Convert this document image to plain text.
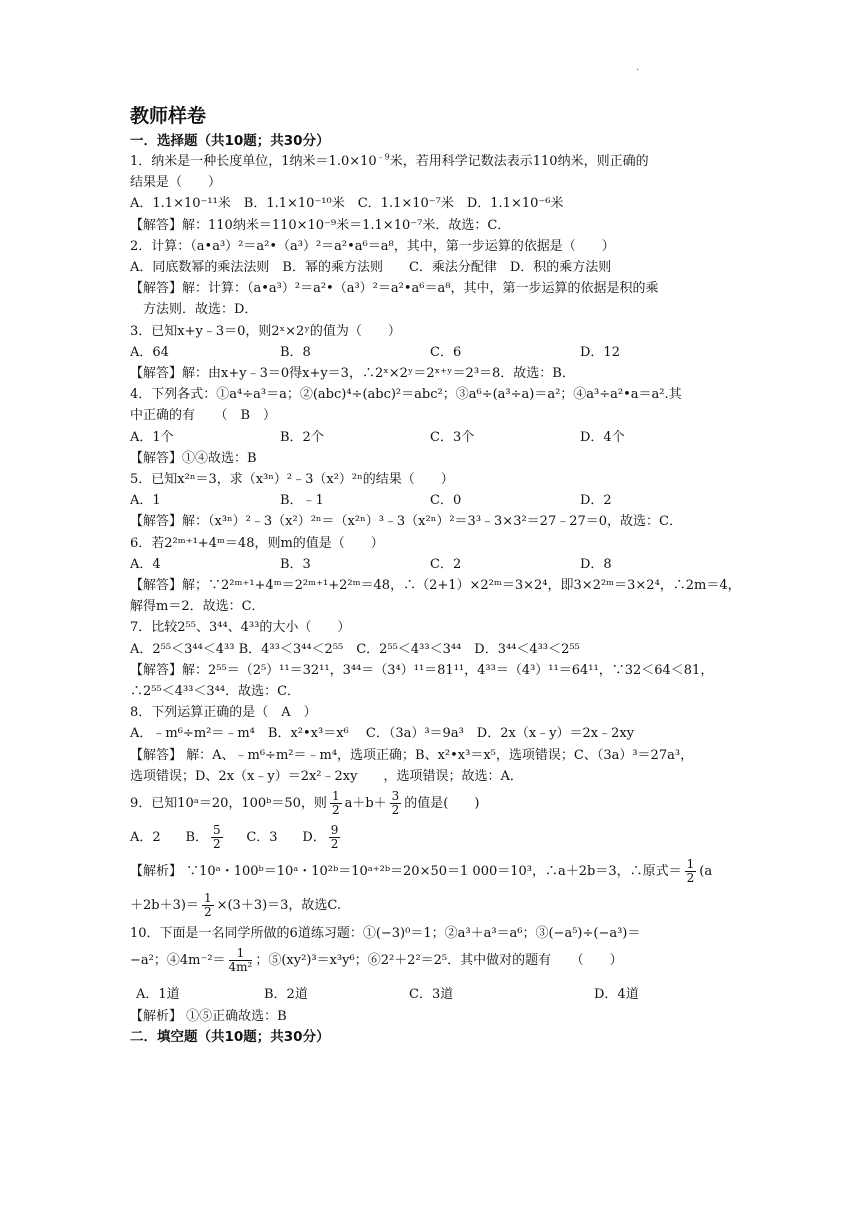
.
教师样卷
一．选择题（共10题；共30分）
1．纳米是一种长度单位，1纳米$=1.0\times 10^{﹣9}$米，若用科学记数法表示110纳米，则正确的
结果是（　　）
A．1.1×10⁻¹¹米　B．1.1×10⁻¹⁰米　C．1.1×10⁻⁷米　D．1.1×10⁻⁶米
【解答】解：110纳米＝110×10⁻⁹米＝1.1×10⁻⁷米．故选：C．
2．计算：（a•a³）²＝a²•（a³）²＝a²•a⁶＝a⁸，其中，第一步运算的依据是（　　）
A．同底数幂的乘法法则　B．幂的乘方法则　　C．乘法分配律　D．积的乘方法则
【解答】解：计算：（a•a³）²＝a²•（a³）²＝a²•a⁶＝a⁸，其中，第一步运算的依据是积的乘
方法则．故选：D．
3．已知x+y﹣3＝0，则2ˣ×2ʸ的值为（　　）
A．64	B．8	C．6	D．12
【解答】解：由x+y﹣3＝0得x+y＝3，∴2ˣ×2ʸ＝2ˣ⁺ʸ＝2³＝8．故选：B．
4．下列各式：①a⁴÷a³＝a；②(abc)⁴÷(abc)²＝abc²；③a⁶÷(a³÷a)＝a²；④a³÷a²•a＝a².其
中正确的有　　（　B　）
A．1个	B．2个	C．3个	D．4个
【解答】①④故选：B
5．已知x²ⁿ＝3，求（x³ⁿ）²﹣3（x²）²ⁿ的结果（　　）
A．1	B．﹣1	C．0	D．2
【解答】解：（x³ⁿ）²﹣3（x²）²ⁿ＝（x²ⁿ）³﹣3（x²ⁿ）²＝3³﹣3×3²＝27﹣27＝0，故选：C．
6．若2²ᵐ⁺¹+4ᵐ＝48，则m的值是（　　）
A．4	B．3	C．2	D．8
【解答】解；∵2²ᵐ⁺¹+4ᵐ＝2²ᵐ⁺¹+2²ᵐ＝48，∴（2+1）×2²ᵐ＝3×2⁴，即3×2²ᵐ＝3×2⁴，∴2m＝4，
解得m＝2．故选：C．
7．比较2⁵⁵、3⁴⁴、4³³的大小（　　）
A．2⁵⁵＜3⁴⁴＜4³³ B．4³³＜3⁴⁴＜2⁵⁵　C．2⁵⁵＜4³³＜3⁴⁴　D．3⁴⁴＜4³³＜2⁵⁵
【解答】解：2⁵⁵＝（2⁵）¹¹＝32¹¹，3⁴⁴＝（3⁴）¹¹＝81¹¹，4³³＝（4³）¹¹＝64¹¹，∵32＜64＜81，
∴2⁵⁵＜4³³＜3⁴⁴．故选：C．
8．下列运算正确的是（　A　）
A．﹣m⁶÷m²＝﹣m⁴　B．x²•x³＝x⁶　 C．（3a）³＝9a³　D．2x（x﹣y）＝2x﹣2xy
【解答】 解：A、﹣m⁶÷m²＝﹣m⁴，选项正确；B、x²•x³＝x⁵，选项错误；C、（3a）³＝27a³，
选项错误；D、2x（x﹣y）＝2x²﹣2xy　　，选项错误；故选：A．
9．已知10ᵃ＝20，100ᵇ＝50，则 $\frac{1}{2} a+b+ \frac{3}{2}$ 的值是(　　)
A．2 B． $\frac{5}{2}$ C．3 D． $\frac{9}{2}$
【解析】 ∵10ᵃ・100ᵇ＝10ᵃ・10²ᵇ＝10ᵃ⁺²ᵇ＝20×50＝1 000＝10³，∴a＋2b＝3，∴原式＝ $\frac{1}{2} (a$
$+2b+3)= \frac{1}{2} \times(3+3)=3$，故选C.
10．下面是一名同学所做的6道练习题：①(−3)⁰＝1；②a³＋a³＝a⁶；③(−a⁵)÷(−a³)＝
−a²；④4m⁻²＝ $\frac{1}{\text{4m²}}$ ；⑤(xy²)³＝x³y⁶；⑥2²＋2²＝2⁵．其中做对的题有　　（　　）
A．1道	B．2道	C．3道	D．4道
【解析】 ①⑤正确故选：B
二．填空题（共10题；共30分）
